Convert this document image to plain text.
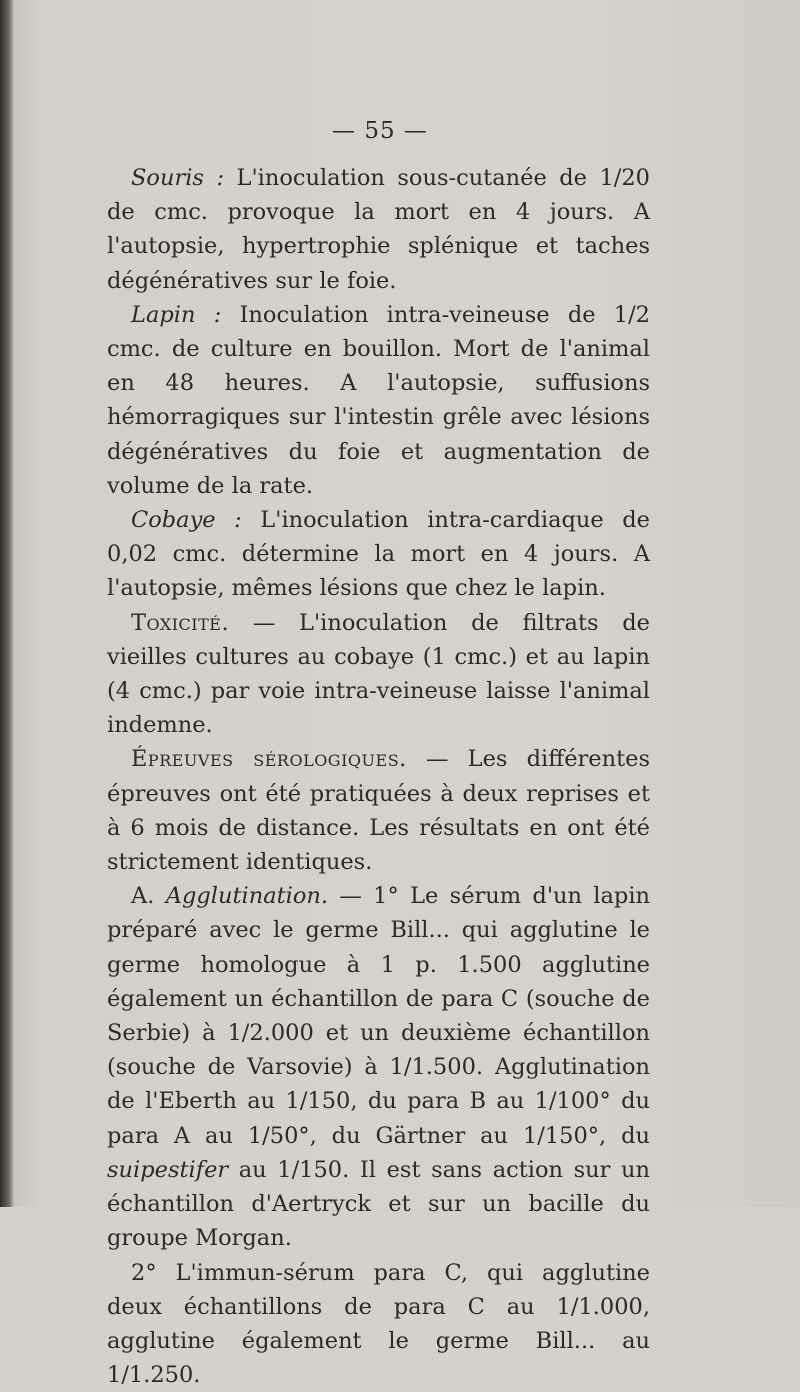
— 55 —

Souris : L'inoculation sous-cutanée de 1/20 de cmc. provoque la mort en 4 jours. A l'autopsie, hypertrophie splénique et taches dégénératives sur le foie.

Lapin : Inoculation intra-veineuse de 1/2 cmc. de culture en bouillon. Mort de l'animal en 48 heures. A l'autopsie, suffusions hémorragiques sur l'intestin grêle avec lésions dégénératives du foie et augmentation de volume de la rate.

Cobaye : L'inoculation intra-cardiaque de 0,02 cmc. détermine la mort en 4 jours. A l'autopsie, mêmes lésions que chez le lapin.

Toxicité. — L'inoculation de filtrats de vieilles cultures au cobaye (1 cmc.) et au lapin (4 cmc.) par voie intra-veineuse laisse l'animal indemne.

Épreuves sérologiques. — Les différentes épreuves ont été pratiquées à deux reprises et à 6 mois de distance. Les résultats en ont été strictement identiques.

A. Agglutination. — 1° Le sérum d'un lapin préparé avec le germe Bill... qui agglutine le germe homologue à 1 p. 1.500 agglutine également un échantillon de para C (souche de Serbie) à 1/2.000 et un deuxième échantillon (souche de Varsovie) à 1/1.500. Agglutination de l'Eberth au 1/150, du para B au 1/100° du para A au 1/50°, du Gärtner au 1/150°, du suipestifer au 1/150. Il est sans action sur un échantillon d'Aertryck et sur un bacille du groupe Morgan.

2° L'immun-sérum para C, qui agglutine deux échantillons de para C au 1/1.000, agglutine également le germe Bill... au 1/1.250.
